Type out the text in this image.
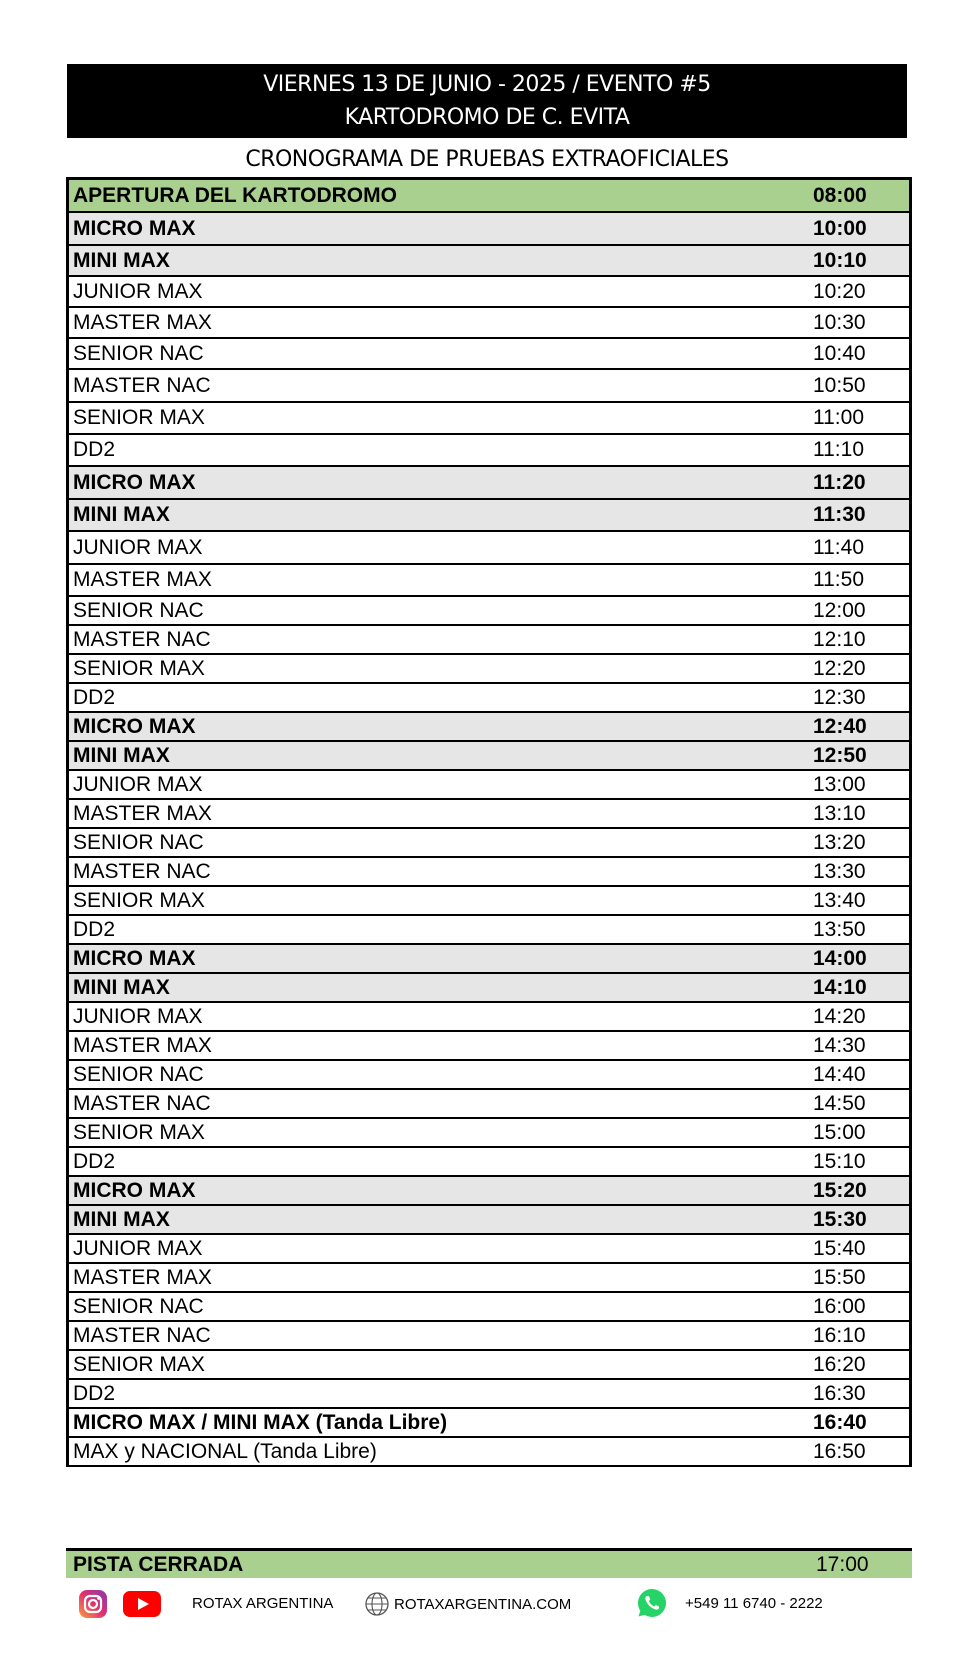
VIERNES 13 DE JUNIO - 2025 / EVENTO #5
KARTODROMO DE C. EVITA
CRONOGRAMA DE PRUEBAS EXTRAOFICIALES
APERTURA DEL KARTODROMO	08:00
MICRO MAX	10:00
MINI MAX	10:10
JUNIOR MAX	10:20
MASTER MAX	10:30
SENIOR NAC	10:40
MASTER NAC	10:50
SENIOR MAX	11:00
DD2	11:10
MICRO MAX	11:20
MINI MAX	11:30
JUNIOR MAX	11:40
MASTER MAX	11:50
SENIOR NAC	12:00
MASTER NAC	12:10
SENIOR MAX	12:20
DD2	12:30
MICRO MAX	12:40
MINI MAX	12:50
JUNIOR MAX	13:00
MASTER MAX	13:10
SENIOR NAC	13:20
MASTER NAC	13:30
SENIOR MAX	13:40
DD2	13:50
MICRO MAX	14:00
MINI MAX	14:10
JUNIOR MAX	14:20
MASTER MAX	14:30
SENIOR NAC	14:40
MASTER NAC	14:50
SENIOR MAX	15:00
DD2	15:10
MICRO MAX	15:20
MINI MAX	15:30
JUNIOR MAX	15:40
MASTER MAX	15:50
SENIOR NAC	16:00
MASTER NAC	16:10
SENIOR MAX	16:20
DD2	16:30
MICRO MAX / MINI MAX (Tanda Libre)	16:40
MAX y NACIONAL (Tanda Libre)	16:50
PISTA CERRADA	17:00
ROTAX ARGENTINA	ROTAXARGENTINA.COM	+549 11 6740 - 2222
